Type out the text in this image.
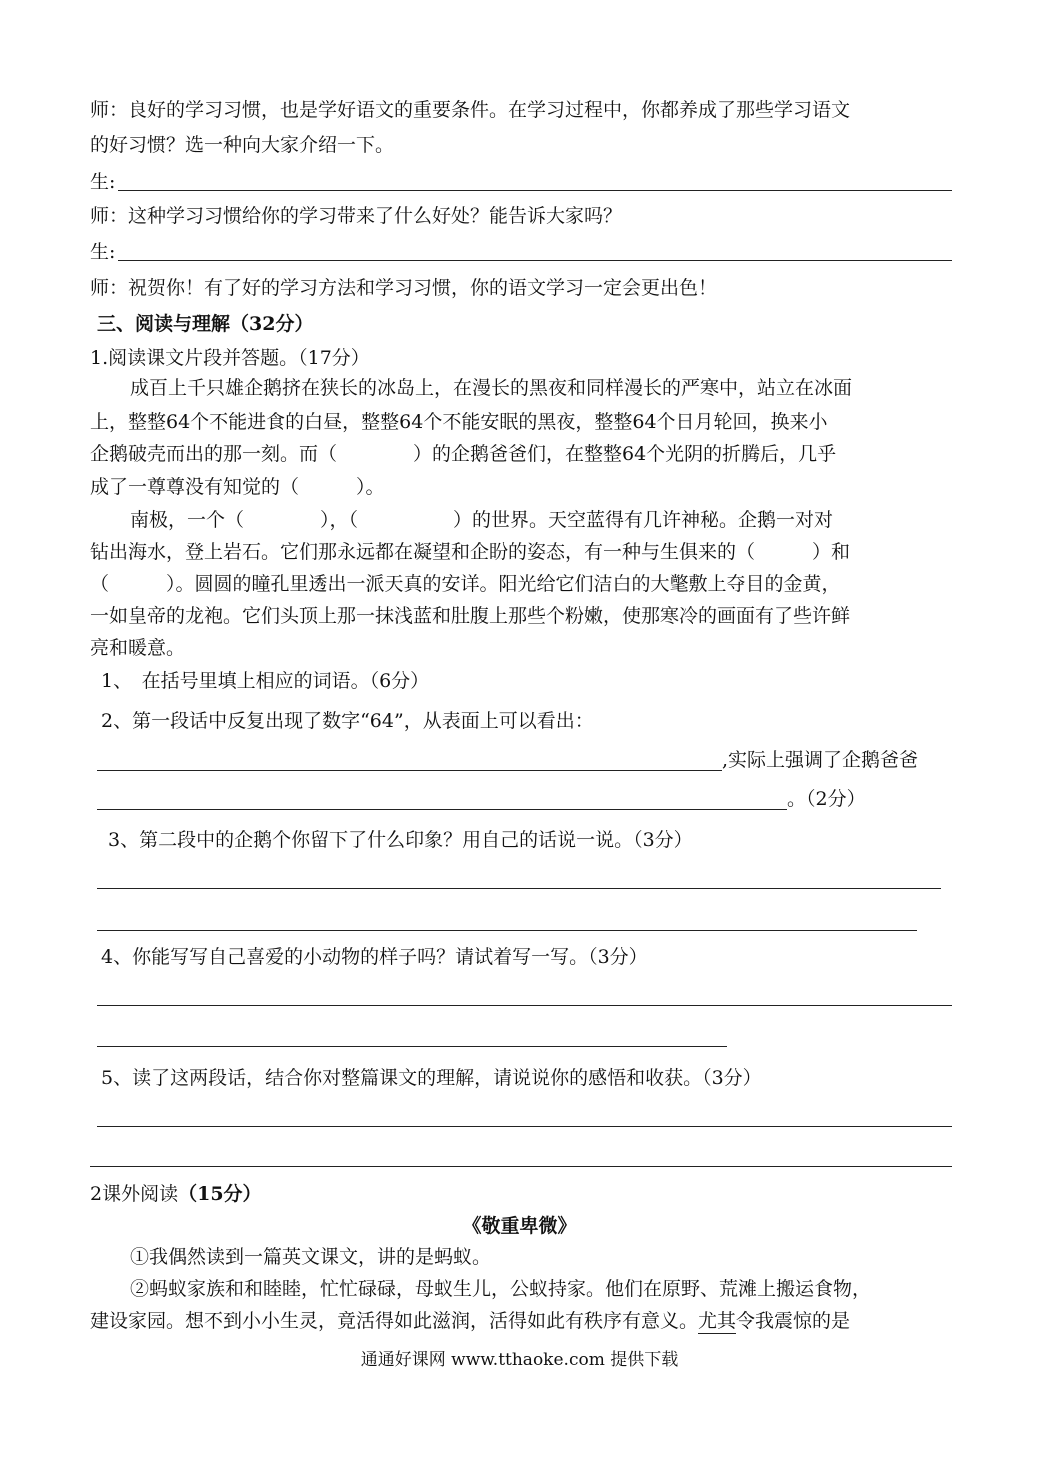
师：良好的学习习惯，也是学好语文的重要条件。在学习过程中，你都养成了那些学习语文
的好习惯？选一种向大家介绍一下。
生:
师：这种学习习惯给你的学习带来了什么好处？能告诉大家吗？
生:
师：祝贺你！有了好的学习方法和学习习惯，你的语文学习一定会更出色！
三、阅读与理解（32分）
1.阅读课文片段并答题。（17分）
成百上千只雄企鹅挤在狭长的冰岛上，在漫长的黑夜和同样漫长的严寒中，站立在冰面
上，整整64个不能进食的白昼，整整64个不能安眠的黑夜，整整64个日月轮回，换来小
企鹅破壳而出的那一刻。而（　　　　）的企鹅爸爸们，在整整64个光阴的折腾后，几乎
成了一尊尊没有知觉的（　　　）。
南极，一个（　　　　），（　　　　　）的世界。天空蓝得有几许神秘。企鹅一对对
钻出海水，登上岩石。它们那永远都在凝望和企盼的姿态，有一种与生俱来的（　　　）和
（　　　）。圆圆的瞳孔里透出一派天真的安详。阳光给它们洁白的大氅敷上夺目的金黄，
一如皇帝的龙袍。它们头顶上那一抹浅蓝和肚腹上那些个粉嫩，使那寒冷的画面有了些许鲜
亮和暖意。
1、　在括号里填上相应的词语。（6分）
2、第一段话中反复出现了数字“64”，从表面上可以看出：
,实际上强调了企鹅爸爸
。（2分）
3、第二段中的企鹅个你留下了什么印象？用自己的话说一说。（3分）
4、你能写写自己喜爱的小动物的样子吗？请试着写一写。（3分）
5、读了这两段话，结合你对整篇课文的理解，请说说你的感悟和收获。（3分）
2课外阅读（15分）
《敬重卑微》
①我偶然读到一篇英文课文，讲的是蚂蚁。
②蚂蚁家族和和睦睦，忙忙碌碌，母蚁生儿，公蚁持家。他们在原野、荒滩上搬运食物，
建设家园。想不到小小生灵，竟活得如此滋润，活得如此有秩序有意义。尤其令我震惊的是
通通好课网 www.tthaoke.com 提供下载
